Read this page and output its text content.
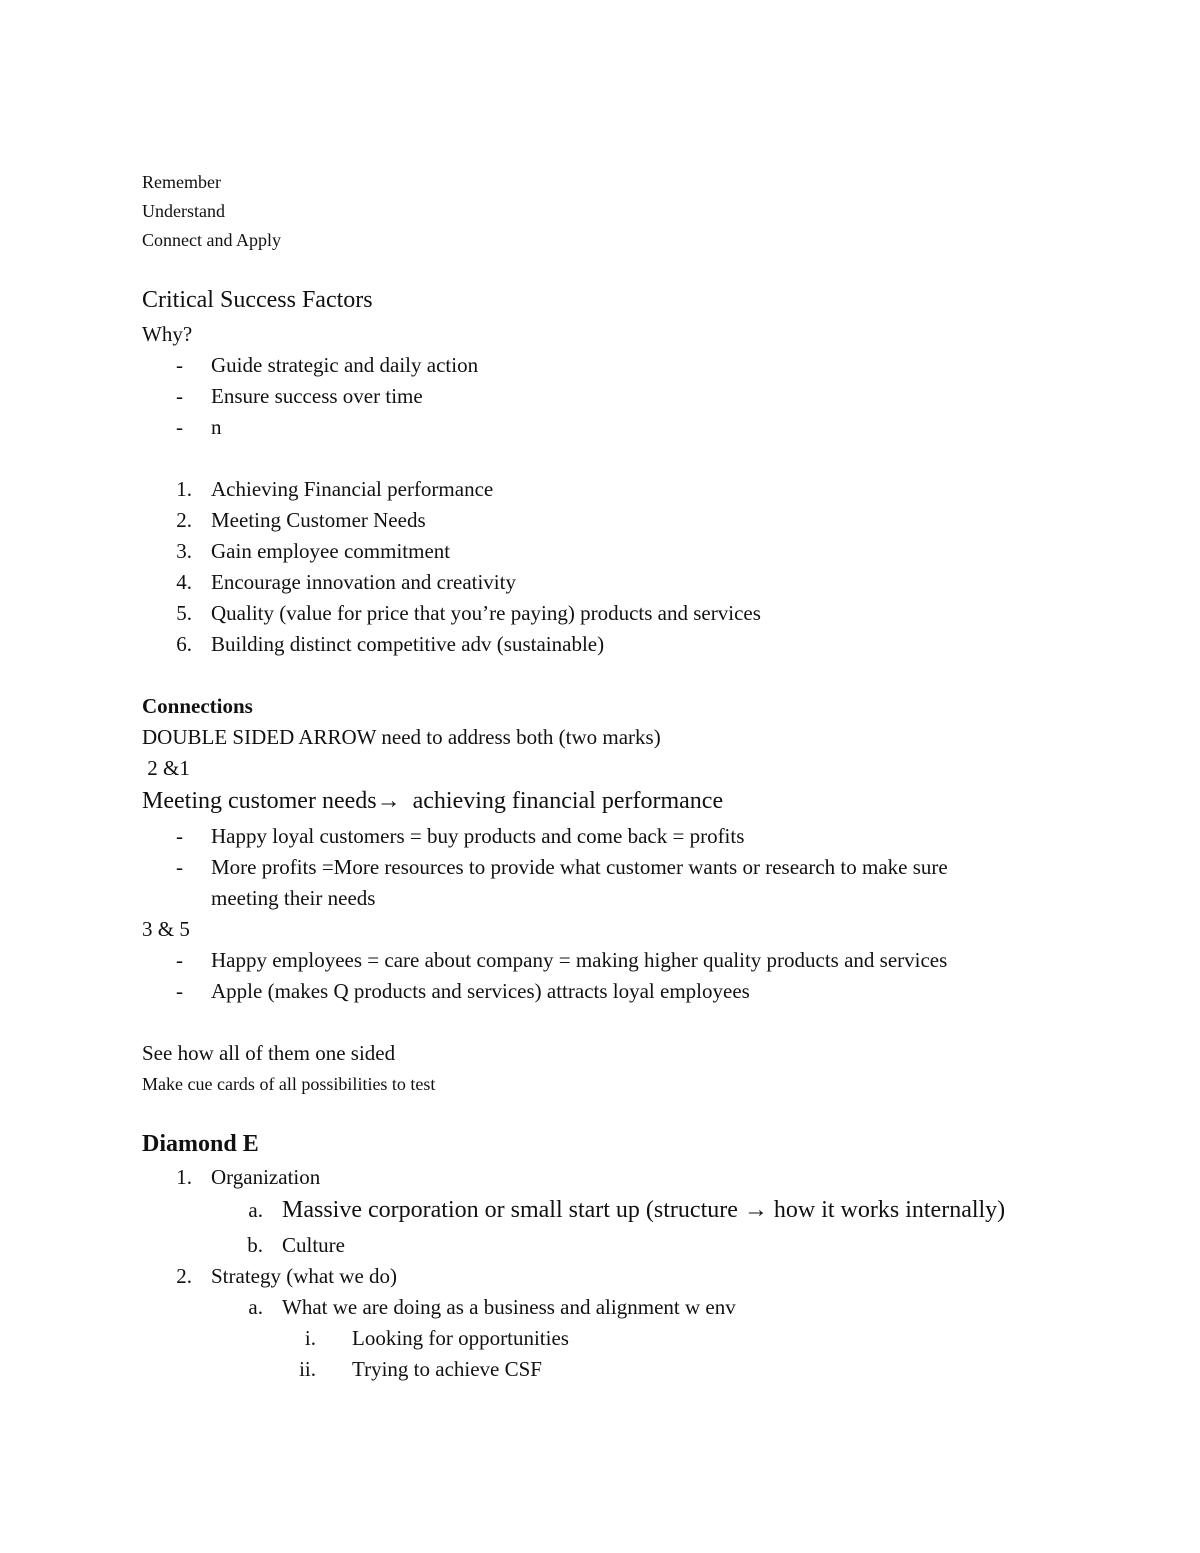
Remember
Understand
Connect and Apply
Critical Success Factors
Why?
-	Guide strategic and daily action
-	Ensure success over time
-	n
1. Achieving Financial performance
2. Meeting Customer Needs
3. Gain employee commitment
4. Encourage innovation and creativity
5. Quality (value for price that you’re paying) products and services
6. Building distinct competitive adv (sustainable)
Connections
DOUBLE SIDED ARROW need to address both (two marks)
2 &1
Meeting customer needs→  achieving financial performance
-	Happy loyal customers = buy products and come back = profits
-	More profits =More resources to provide what customer wants or research to make sure
meeting their needs
3 & 5
-	Happy employees = care about company = making higher quality products and services
-	Apple (makes Q products and services) attracts loyal employees
See how all of them one sided
Make cue cards of all possibilities to test
Diamond E
1. Organization
a. Massive corporation or small start up (structure → how it works internally)
b. Culture
2. Strategy (what we do)
a. What we are doing as a business and alignment w env
i. Looking for opportunities
ii. Trying to achieve CSF
